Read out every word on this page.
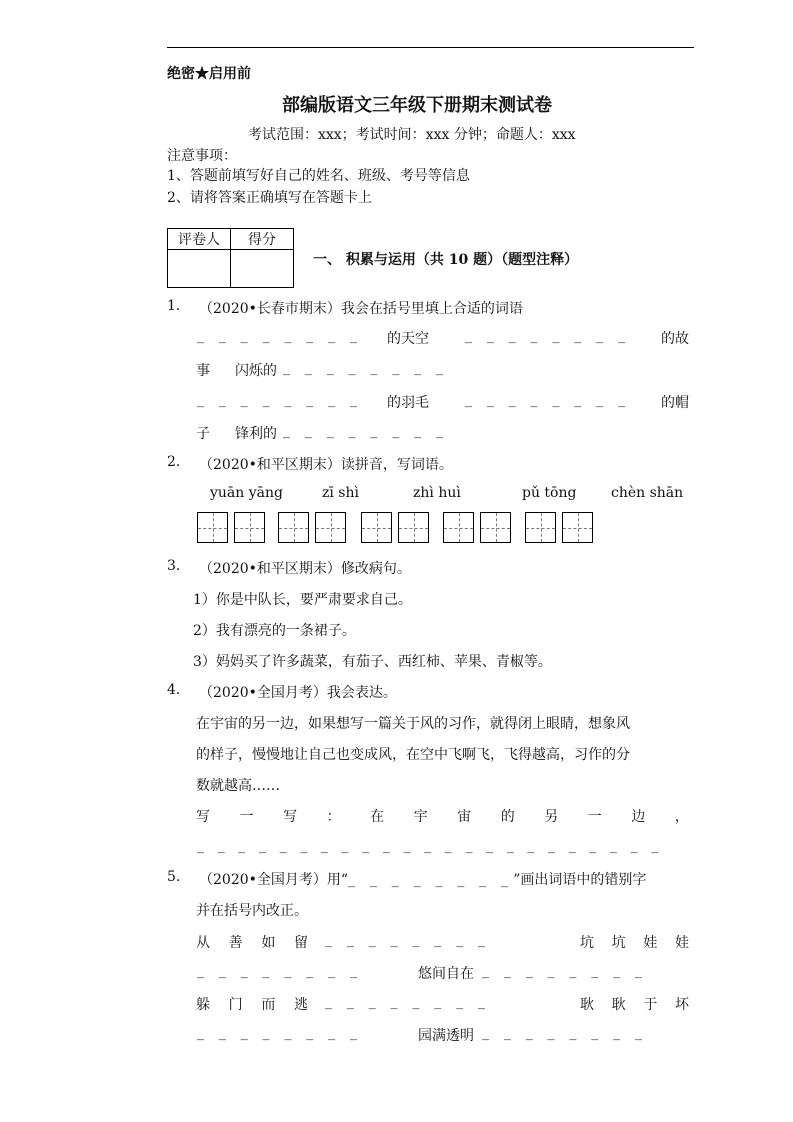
绝密★启用前
部编版语文三年级下册期末测试卷
考试范围：xxx；考试时间：xxx 分钟；命题人：xxx
注意事项：
1、答题前填写好自己的姓名、班级、考号等信息
2、请将答案正确填写在答题卡上
评卷人	得分

一、 积累与运用（共 10 题）（题型注释）
1. （2020•长春市期末）我会在括号里填上合适的词语
_ _ _ _ _ _ _ _ 的天空	_ _ _ _ _ _ _ _ 的故
事 闪烁的 _ _ _ _ _ _ _ _
_ _ _ _ _ _ _ _ 的羽毛	_ _ _ _ _ _ _ _ 的帽
子 锋利的 _ _ _ _ _ _ _ _
2. （2020•和平区期末）读拼音，写词语。
yuān yāng	zī shì	zhì huì	pǔ tōng chèn shān
3. （2020•和平区期末）修改病句。
1）你是中队长，要严肃要求自己。
2）我有漂亮的一条裙子。
3）妈妈买了许多蔬菜，有茄子、西红柿、苹果、青椒等。
4. （2020•全国月考）我会表达。
在宇宙的另一边，如果想写一篇关于风的习作，就得闭上眼睛，想象风
的样子，慢慢地让自己也变成风，在空中飞啊飞，飞得越高，习作的分
数就越高……
写 一 写 ： 在 宇 宙 的 另 一 边 ，
_ _ _ _ _ _ _ _ _ _ _ _ _ _ _ _ _ _ _ _ _ _ _
5. （2020•全国月考）用“_ _ _ _ _ _ _ _”画出词语中的错别字
并在括号内改正。
从 善 如 留 _ _ _ _ _ _ _ _	坑 坑 娃 娃
_ _ _ _ _ _ _ _	悠间自在 _ _ _ _ _ _ _ _
躲 门 而 逃 _ _ _ _ _ _ _ _	耿 耿 于 坏
_ _ _ _ _ _ _ _	园满透明 _ _ _ _ _ _ _ _
